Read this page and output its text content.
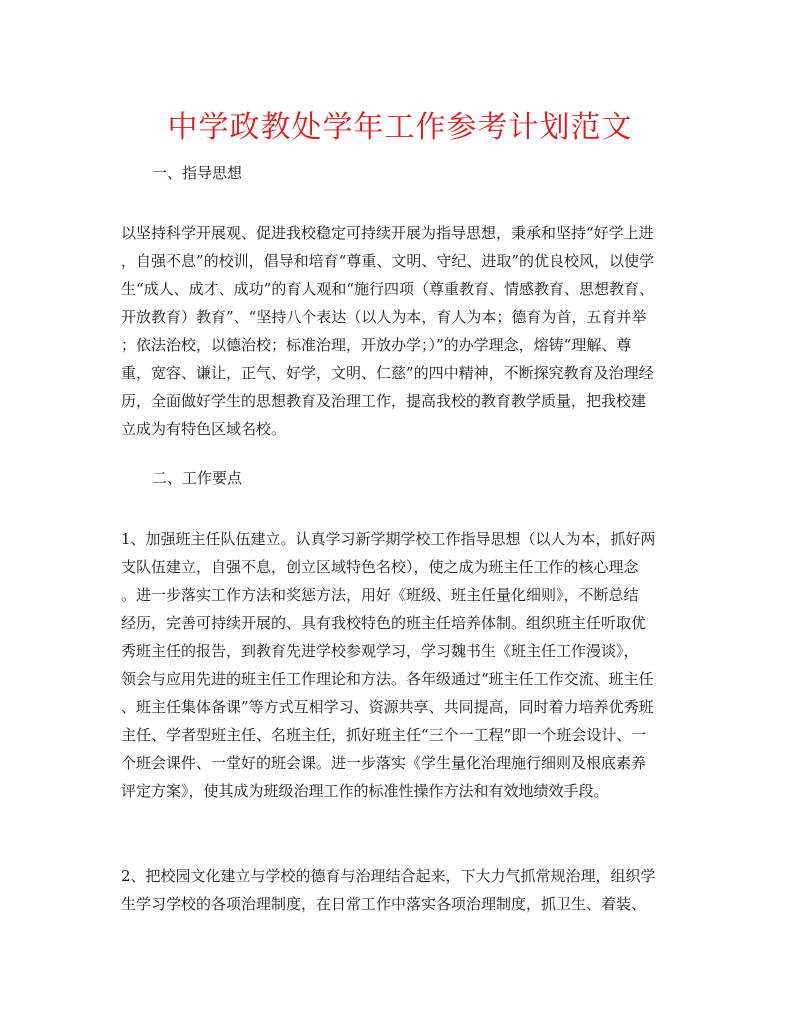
中学政教处学年工作参考计划范文
一、指导思想
以坚持科学开展观、促进我校稳定可持续开展为指导思想，秉承和坚持“好学上进
，自强不息”的校训，倡导和培育“尊重、文明、守纪、进取”的优良校风，以使学
生“成人、成才、成功”的育人观和“施行四项（尊重教育、情感教育、思想教育、
开放教育）教育”、“坚持八个表达（以人为本，育人为本；德育为首，五育并举
；依法治校，以德治校；标准治理，开放办学；）”的办学理念，熔铸“理解、尊
重，宽容、谦让，正气、好学，文明、仁慈”的四中精神，不断探究教育及治理经
历，全面做好学生的思想教育及治理工作，提高我校的教育教学质量，把我校建
立成为有特色区域名校。
二、工作要点
1、加强班主任队伍建立。认真学习新学期学校工作指导思想（以人为本，抓好两
支队伍建立，自强不息，创立区域特色名校），使之成为班主任工作的核心理念
。进一步落实工作方法和奖惩方法，用好《班级、班主任量化细则》，不断总结
经历，完善可持续开展的、具有我校特色的班主任培养体制。组织班主任听取优
秀班主任的报告，到教育先进学校参观学习，学习魏书生《班主任工作漫谈》，
领会与应用先进的班主任工作理论和方法。各年级通过“班主任工作交流、班主任
、班主任集体备课”等方式互相学习、资源共享、共同提高，同时着力培养优秀班
主任、学者型班主任、名班主任，抓好班主任“三个一工程”即一个班会设计、一
个班会课件、一堂好的班会课。进一步落实《学生量化治理施行细则及根底素养
评定方案》，使其成为班级治理工作的标准性操作方法和有效地绩效手段。
2、把校园文化建立与学校的德育与治理结合起来，下大力气抓常规治理，组织学
生学习学校的各项治理制度，在日常工作中落实各项治理制度，抓卫生、着装、
